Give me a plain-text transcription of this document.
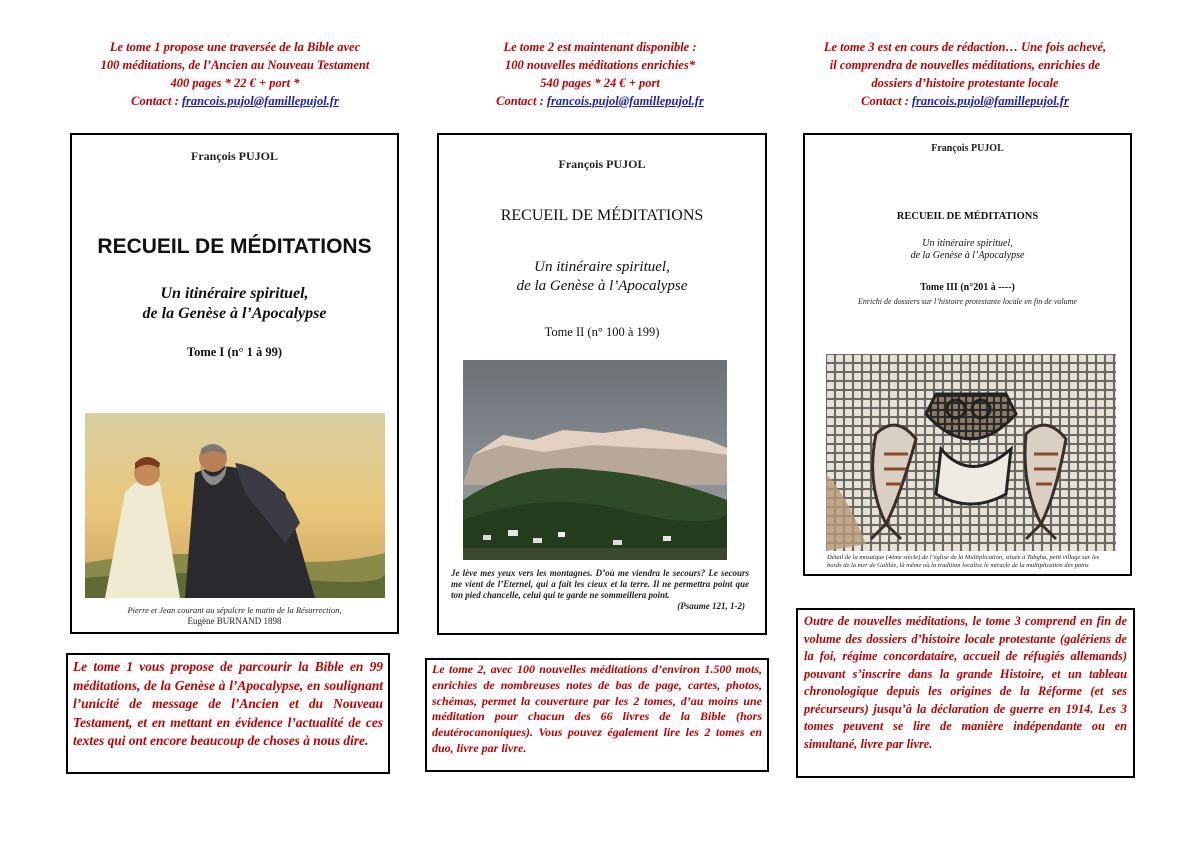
Le tome 1 propose une traversée de la Bible avec
100 méditations, de l’Ancien au Nouveau Testament
400 pages * 22 € + port *
Contact : francois.pujol@famillepujol.fr
Le tome 2 est maintenant disponible :
100 nouvelles méditations enrichies*
540 pages * 24 € + port
Contact : francois.pujol@famillepujol.fr
Le tome 3 est en cours de rédaction… Une fois achevé,
il comprendra de nouvelles méditations, enrichies de
dossiers d’histoire protestante locale
Contact : francois.pujol@famillepujol.fr
François PUJOL
RECUEIL DE MÉDITATIONS
Un itinéraire spirituel,
de la Genèse à l’Apocalypse
Tome I (n° 1 à 99)
Pierre et Jean courant au sépulcre le matin de la Résurrection,
Eugène BURNAND 1898
François PUJOL
RECUEIL DE MÉDITATIONS
Un itinéraire spirituel,
de la Genèse à l’Apocalypse
Tome II (n° 100 à 199)
Je lève mes yeux vers les montagnes. D’où me viendra le secours? Le secours me vient de l’Eternel, qui a fait les cieux et la terre. Il ne permettra point que ton pied chancelle, celui qui te garde ne sommeillera point.
(Psaume 121, 1-2)
François PUJOL
RECUEIL DE MÉDITATIONS
Un itinéraire spirituel,
de la Genèse à l’Apocalypse
Tome III (n°201 à ----)
Enrichi de dossiers sur l’histoire protestante locale en fin de volume
Détail de la mosaïque (4ème siècle) de l’église de la Multiplication, située à Tabgha, petit village sur les bords de la mer de Galilée, là même où la tradition localise le miracle de la multiplication des pains
Le tome 1 vous propose de parcourir la Bible en 99 méditations, de la Genèse à l’Apocalypse, en soulignant l’unicité de message de l’Ancien et du Nouveau Testament, et en mettant en évidence l’actualité de ces textes qui ont encore beaucoup de choses à nous dire.
Le tome 2, avec 100 nouvelles méditations d’environ 1.500 mots, enrichies de nombreuses notes de bas de page, cartes, photos, schémas, permet la couverture par les 2 tomes, d’au moins une méditation pour chacun des 66 livres de la Bible (hors deutérocanoniques). Vous pouvez également lire les 2 tomes en duo, livre par livre.
Outre de nouvelles méditations, le tome 3 comprend en fin de volume des dossiers d’histoire locale protestante (galériens de la foi, régime concordataire, accueil de réfugiés allemands) pouvant s’inscrire dans la grande Histoire, et un tableau chronologique depuis les origines de la Réforme (et ses précurseurs) jusqu’à la déclaration de guerre en 1914. Les 3 tomes peuvent se lire de manière indépendante ou en simultané, livre par livre.
